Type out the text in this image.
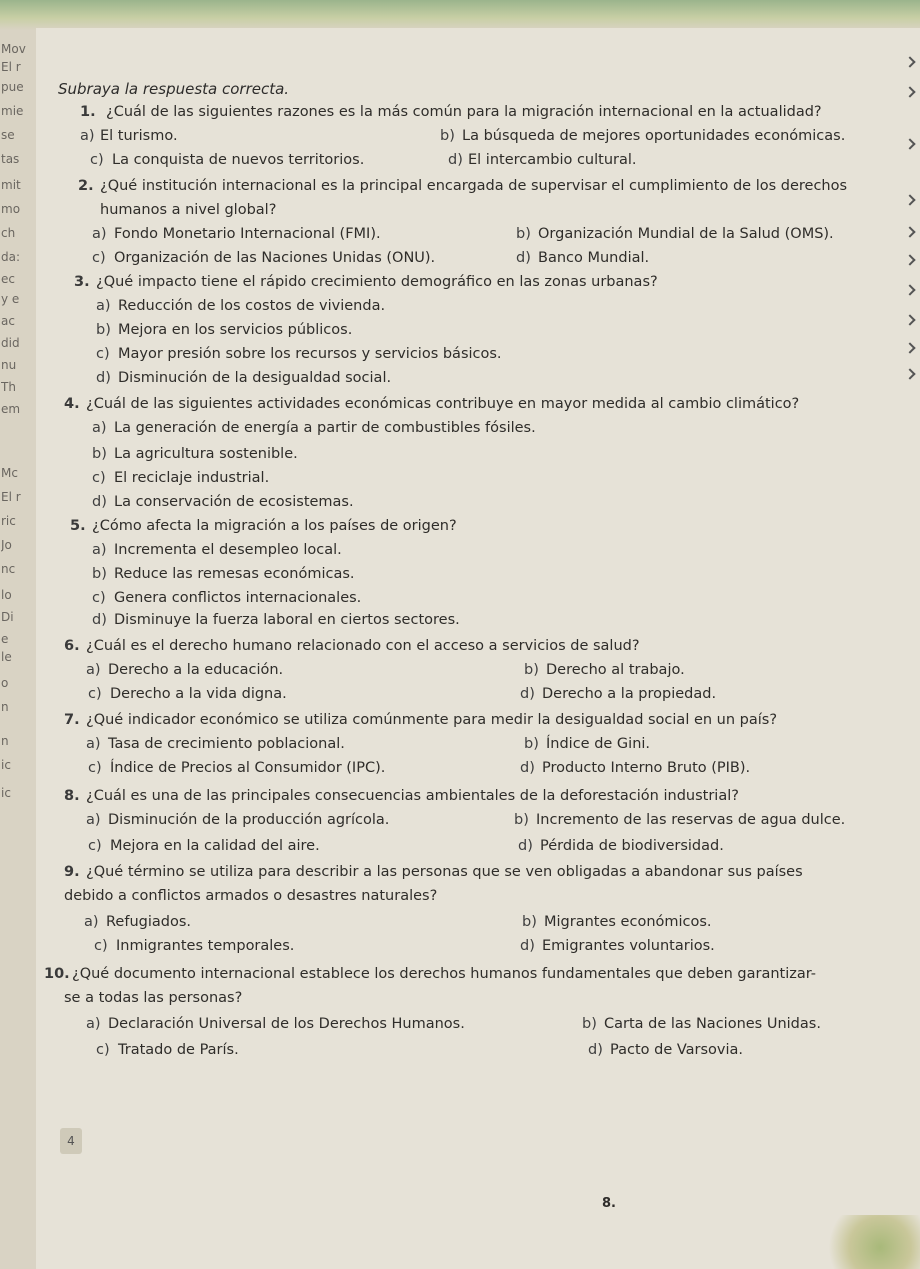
Mov
El r
pue
mie
se
tas
mit
mo
ch
da:
ec
y e
ac
did
nu
Th
em
Mc
El r
ric
Jo
nc
lo
Di
e
le
o
n
n
ic
ic
Subraya la respuesta correcta.
1. ¿Cuál de las siguientes razones es la más común para la migración internacional en la actualidad?
a) El turismo.	b) La búsqueda de mejores oportunidades económicas.
c) La conquista de nuevos territorios.	d) El intercambio cultural.
2. ¿Qué institución internacional es la principal encargada de supervisar el cumplimiento de los derechos
humanos a nivel global?
a) Fondo Monetario Internacional (FMI).	b) Organización Mundial de la Salud (OMS).
c) Organización de las Naciones Unidas (ONU).	d) Banco Mundial.
3. ¿Qué impacto tiene el rápido crecimiento demográfico en las zonas urbanas?
a) Reducción de los costos de vivienda.
b) Mejora en los servicios públicos.
c) Mayor presión sobre los recursos y servicios básicos.
d) Disminución de la desigualdad social.
4. ¿Cuál de las siguientes actividades económicas contribuye en mayor medida al cambio climático?
a) La generación de energía a partir de combustibles fósiles.
b) La agricultura sostenible.
c) El reciclaje industrial.
d) La conservación de ecosistemas.
5. ¿Cómo afecta la migración a los países de origen?
a) Incrementa el desempleo local.
b) Reduce las remesas económicas.
c) Genera conflictos internacionales.
d) Disminuye la fuerza laboral en ciertos sectores.
6. ¿Cuál es el derecho humano relacionado con el acceso a servicios de salud?
a) Derecho a la educación.	b) Derecho al trabajo.
c) Derecho a la vida digna.	d) Derecho a la propiedad.
7. ¿Qué indicador económico se utiliza comúnmente para medir la desigualdad social en un país?
a) Tasa de crecimiento poblacional.	b) Índice de Gini.
c) Índice de Precios al Consumidor (IPC).	d) Producto Interno Bruto (PIB).
8. ¿Cuál es una de las principales consecuencias ambientales de la deforestación industrial?
a) Disminución de la producción agrícola.	b) Incremento de las reservas de agua dulce.
c) Mejora en la calidad del aire.	d) Pérdida de biodiversidad.
9. ¿Qué término se utiliza para describir a las personas que se ven obligadas a abandonar sus países
debido a conflictos armados o desastres naturales?
a) Refugiados.	b) Migrantes económicos.
c) Inmigrantes temporales.	d) Emigrantes voluntarios.
10. ¿Qué documento internacional establece los derechos humanos fundamentales que deben garantizar-
se a todas las personas?
a) Declaración Universal de los Derechos Humanos.	b) Carta de las Naciones Unidas.
c) Tratado de París.	d) Pacto de Varsovia.
4
8.
